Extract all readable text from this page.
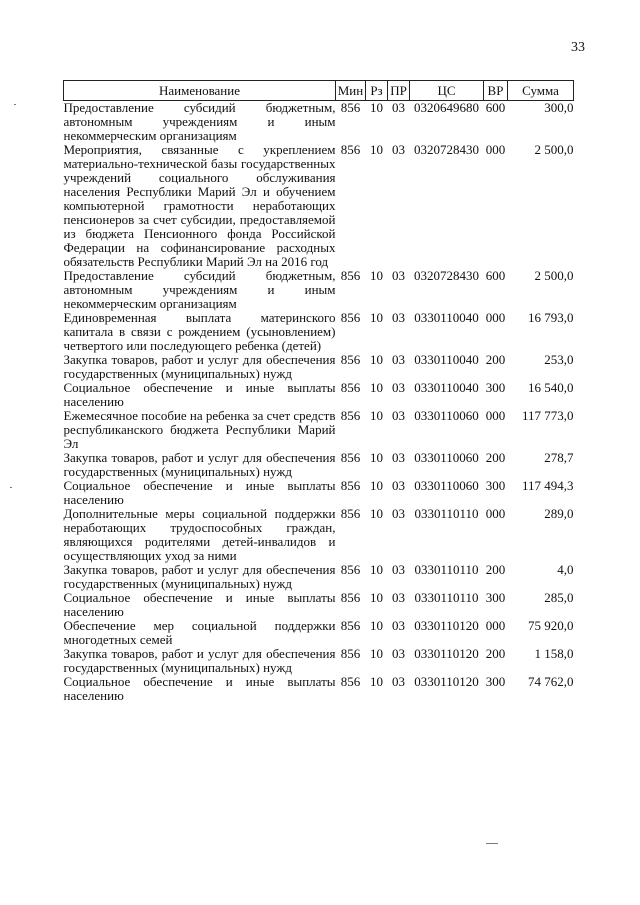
33
Наименование	Мин	Рз	ПР	ЦС	ВР	Сумма
Предоставление субсидий бюджетным, автономным учреждениям и иным некоммерческим организациям	856	10	03	0320649680	600	300,0
Мероприятия, связанные с укреплением материально-технической базы государственных учреждений социального обслуживания населения Республики Марий Эл и обучением компьютерной грамотности неработающих пенсионеров за счет субсидии, предоставляемой из бюджета Пенсионного фонда Российской Федерации на софинансирование расходных обязательств Республики Марий Эл на 2016 год	856	10	03	0320728430	000	2 500,0
Предоставление субсидий бюджетным, автономным учреждениям и иным некоммерческим организациям	856	10	03	0320728430	600	2 500,0
Единовременная выплата материнского капитала в связи с рождением (усыновлением) четвертого или последующего ребенка (детей)	856	10	03	0330110040	000	16 793,0
Закупка товаров, работ и услуг для обеспечения государственных (муниципальных) нужд	856	10	03	0330110040	200	253,0
Социальное обеспечение и иные выплаты населению	856	10	03	0330110040	300	16 540,0
Ежемесячное пособие на ребенка за счет средств республиканского бюджета Республики Марий Эл	856	10	03	0330110060	000	117 773,0
Закупка товаров, работ и услуг для обеспечения государственных (муниципальных) нужд	856	10	03	0330110060	200	278,7
Социальное обеспечение и иные выплаты населению	856	10	03	0330110060	300	117 494,3
Дополнительные меры социальной поддержки неработающих трудоспособных граждан, являющихся родителями детей-инвалидов и осуществляющих уход за ними	856	10	03	0330110110	000	289,0
Закупка товаров, работ и услуг для обеспечения государственных (муниципальных) нужд	856	10	03	0330110110	200	4,0
Социальное обеспечение и иные выплаты населению	856	10	03	0330110110	300	285,0
Обеспечение мер социальной поддержки многодетных семей	856	10	03	0330110120	000	75 920,0
Закупка товаров, работ и услуг для обеспечения государственных (муниципальных) нужд	856	10	03	0330110120	200	1 158,0
Социальное обеспечение и иные выплаты населению	856	10	03	0330110120	300	74 762,0
